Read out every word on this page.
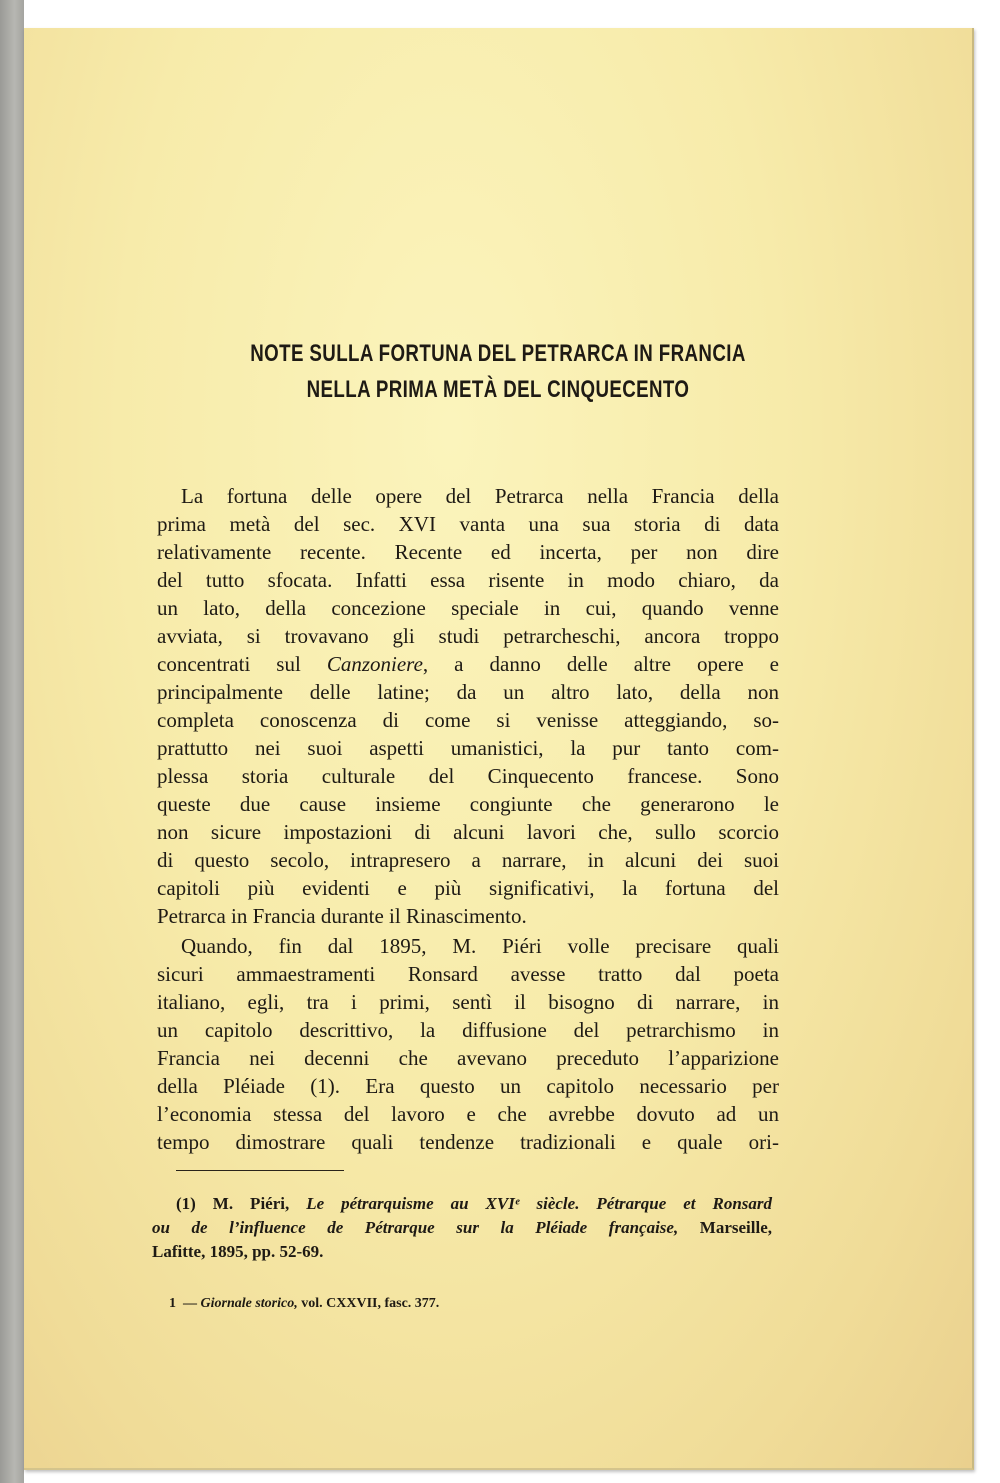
NOTE SULLA FORTUNA DEL PETRARCA IN FRANCIA
NELLA PRIMA METÀ DEL CINQUECENTO
La fortuna delle opere del Petrarca nella Francia della
prima metà del sec. XVI vanta una sua storia di data
relativamente recente. Recente ed incerta, per non dire
del tutto sfocata. Infatti essa risente in modo chiaro, da
un lato, della concezione speciale in cui, quando venne
avviata, si trovavano gli studi petrarcheschi, ancora troppo
concentrati sul Canzoniere, a danno delle altre opere e
principalmente delle latine; da un altro lato, della non
completa conoscenza di come si venisse atteggiando, so-
prattutto nei suoi aspetti umanistici, la pur tanto com-
plessa storia culturale del Cinquecento francese. Sono
queste due cause insieme congiunte che generarono le
non sicure impostazioni di alcuni lavori che, sullo scorcio
di questo secolo, intrapresero a narrare, in alcuni dei suoi
capitoli più evidenti e più significativi, la fortuna del
Petrarca in Francia durante il Rinascimento.
Quando, fin dal 1895, M. Piéri volle precisare quali
sicuri ammaestramenti Ronsard avesse tratto dal poeta
italiano, egli, tra i primi, sentì il bisogno di narrare, in
un capitolo descrittivo, la diffusione del petrarchismo in
Francia nei decenni che avevano preceduto l’apparizione
della Pléiade (1). Era questo un capitolo necessario per
l’economia stessa del lavoro e che avrebbe dovuto ad un
tempo dimostrare quali tendenze tradizionali e quale ori-
(1) M. Piéri, Le pétrarquisme au XVIᵉ siècle. Pétrarque et Ronsard
ou de l’influence de Pétrarque sur la Pléiade française, Marseille,
Lafitte, 1895, pp. 52-69.
1 — Giornale storico, vol. CXXVII, fasc. 377.
